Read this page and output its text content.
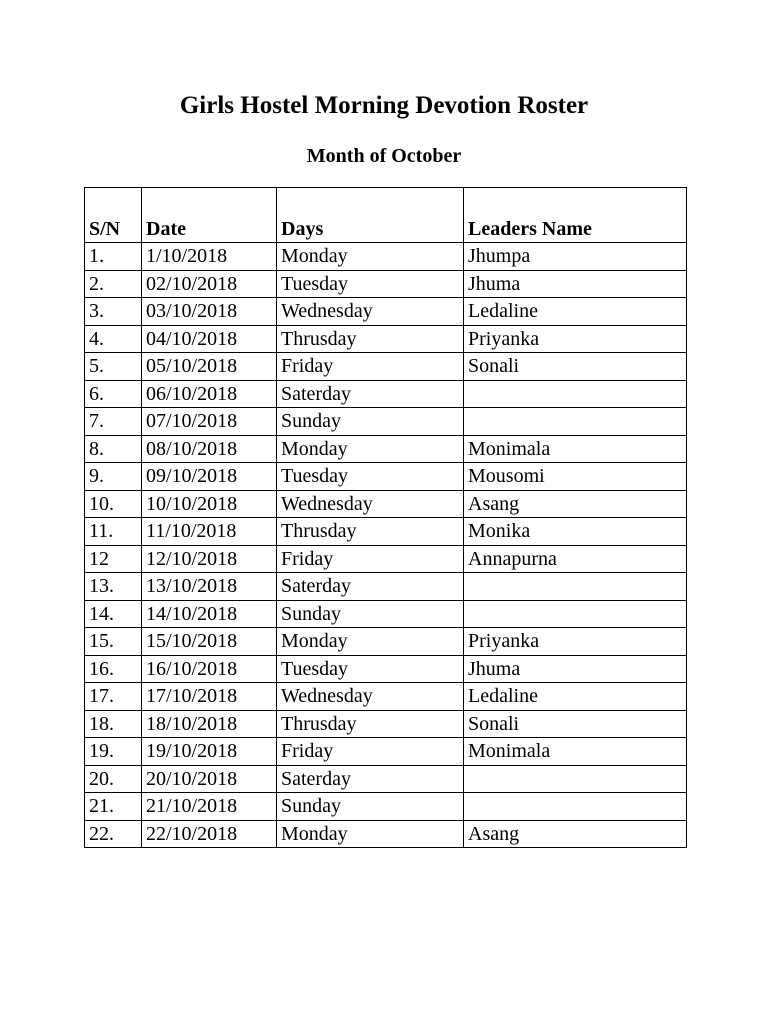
Girls Hostel Morning Devotion Roster
Month of October
S/N	Date	Days	Leaders Name
1.	1/10/2018	Monday	Jhumpa
2.	02/10/2018	Tuesday	Jhuma
3.	03/10/2018	Wednesday	Ledaline
4.	04/10/2018	Thrusday	Priyanka
5.	05/10/2018	Friday	Sonali
6.	06/10/2018	Saterday	
7.	07/10/2018	Sunday	
8.	08/10/2018	Monday	Monimala
9.	09/10/2018	Tuesday	Mousomi
10.	10/10/2018	Wednesday	Asang
11.	11/10/2018	Thrusday	Monika
12	12/10/2018	Friday	Annapurna
13.	13/10/2018	Saterday	
14.	14/10/2018	Sunday	
15.	15/10/2018	Monday	Priyanka
16.	16/10/2018	Tuesday	Jhuma
17.	17/10/2018	Wednesday	Ledaline
18.	18/10/2018	Thrusday	Sonali
19.	19/10/2018	Friday	Monimala
20.	20/10/2018	Saterday	
21.	21/10/2018	Sunday	
22.	22/10/2018	Monday	Asang
